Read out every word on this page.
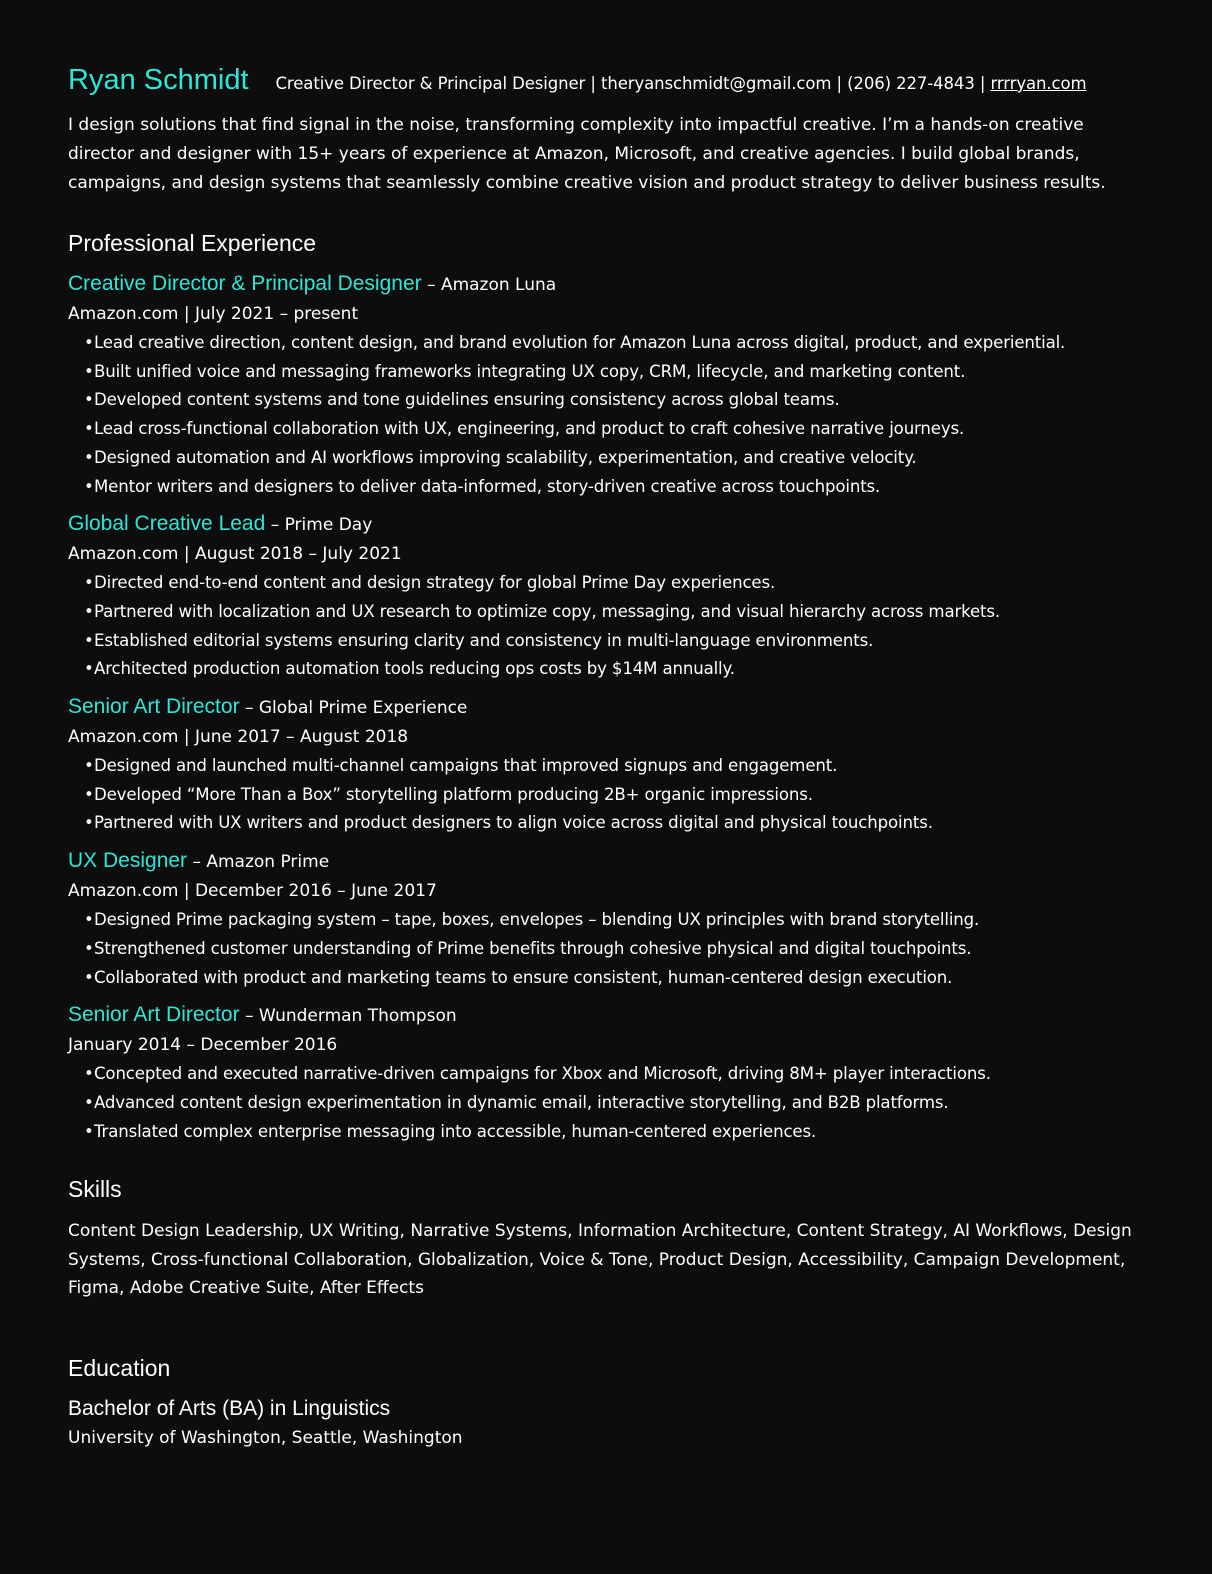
Ryan Schmidt Creative Director & Principal Designer | theryanschmidt@gmail.com | (206) 227-4843 | rrrryan.com

I design solutions that find signal in the noise, transforming complexity into impactful creative. I’m a hands-on creative director and designer with 15+ years of experience at Amazon, Microsoft, and creative agencies. I build global brands, campaigns, and design systems that seamlessly combine creative vision and product strategy to deliver business results.

Professional Experience
Creative Director & Principal Designer – Amazon Luna
Amazon.com | July 2021 – present
•Lead creative direction, content design, and brand evolution for Amazon Luna across digital, product, and experiential.
•Built unified voice and messaging frameworks integrating UX copy, CRM, lifecycle, and marketing content.
•Developed content systems and tone guidelines ensuring consistency across global teams.
•Lead cross-functional collaboration with UX, engineering, and product to craft cohesive narrative journeys.
•Designed automation and AI workflows improving scalability, experimentation, and creative velocity.
•Mentor writers and designers to deliver data-informed, story-driven creative across touchpoints.
Global Creative Lead – Prime Day
Amazon.com | August 2018 – July 2021
•Directed end-to-end content and design strategy for global Prime Day experiences.
•Partnered with localization and UX research to optimize copy, messaging, and visual hierarchy across markets.
•Established editorial systems ensuring clarity and consistency in multi-language environments.
•Architected production automation tools reducing ops costs by $14M annually.
Senior Art Director – Global Prime Experience
Amazon.com | June 2017 – August 2018
•Designed and launched multi-channel campaigns that improved signups and engagement.
•Developed “More Than a Box” storytelling platform producing 2B+ organic impressions.
•Partnered with UX writers and product designers to align voice across digital and physical touchpoints.
UX Designer – Amazon Prime
Amazon.com | December 2016 – June 2017
•Designed Prime packaging system – tape, boxes, envelopes – blending UX principles with brand storytelling.
•Strengthened customer understanding of Prime benefits through cohesive physical and digital touchpoints.
•Collaborated with product and marketing teams to ensure consistent, human-centered design execution.
Senior Art Director – Wunderman Thompson
January 2014 – December 2016
•Concepted and executed narrative-driven campaigns for Xbox and Microsoft, driving 8M+ player interactions.
•Advanced content design experimentation in dynamic email, interactive storytelling, and B2B platforms.
•Translated complex enterprise messaging into accessible, human-centered experiences.
Skills

Content Design Leadership, UX Writing, Narrative Systems, Information Architecture, Content Strategy, AI Workflows, Design Systems, Cross-functional Collaboration, Globalization, Voice & Tone, Product Design, Accessibility, Campaign Development, Figma, Adobe Creative Suite, After Effects

Education
Bachelor of Arts (BA) in Linguistics
University of Washington, Seattle, Washington
